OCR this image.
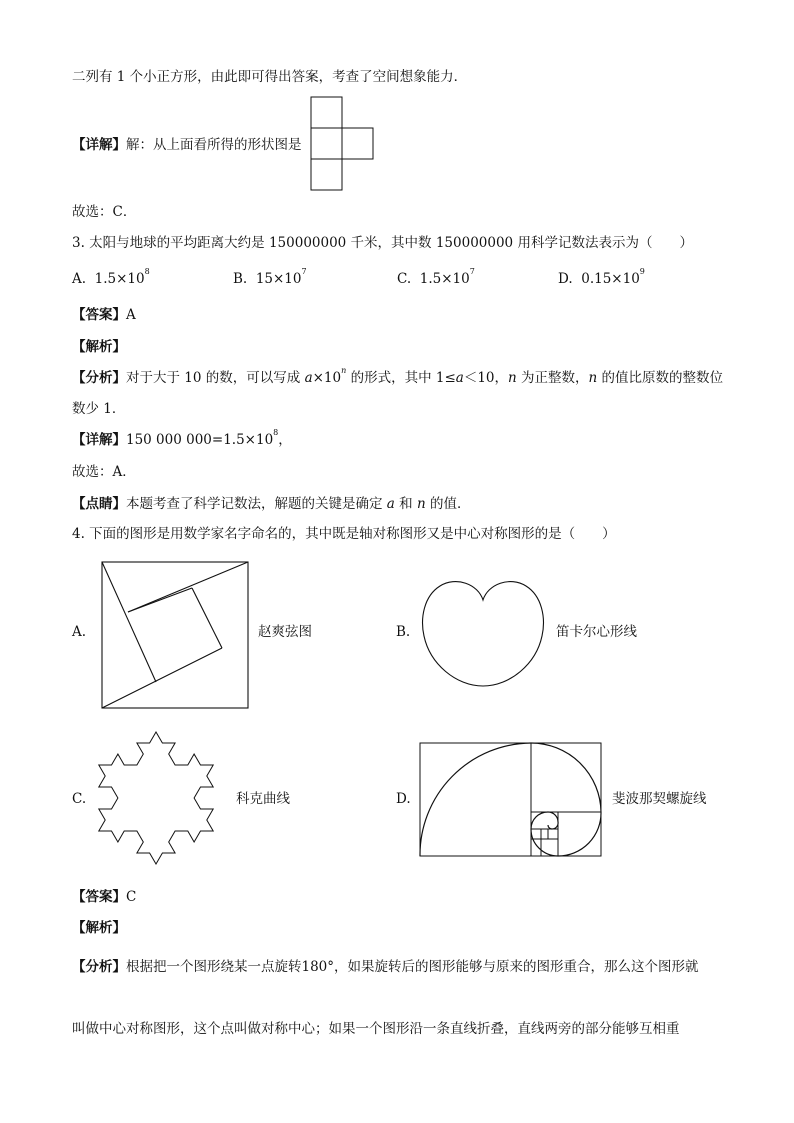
二列有 1 个小正方形，由此即可得出答案，考查了空间想象能力．
【详解】解：从上面看所得的形状图是
故选：C．
3. 太阳与地球的平均距离大约是 150000000 千米，其中数 150000000 用科学记数法表示为（　　）
A. $1.5\times 10^8$	B. $15\times 10^7$	C. $1.5\times 10^7$	D. $0.15\times 10^9$
【答案】A
【解析】
【分析】对于大于 10 的数，可以写成 $a\times 10^n$ 的形式，其中 1≤a＜10，n 为正整数，n 的值比原数的整数位
数少 1．
【详解】150 000 $000=1.5\times 10^8$，
故选：A．
【点睛】本题考查了科学记数法，解题的关键是确定 a 和 n 的值．
4. 下面的图形是用数学家名字命名的，其中既是轴对称图形又是中心对称图形的是（　　）
A.	赵爽弦图	B.	笛卡尔心形线
C.	科克曲线	D.	斐波那契螺旋线
【答案】C
【解析】
【分析】根据把一个图形绕某一点旋转180°，如果旋转后的图形能够与原来的图形重合，那么这个图形就
叫做中心对称图形，这个点叫做对称中心；如果一个图形沿一条直线折叠，直线两旁的部分能够互相重
